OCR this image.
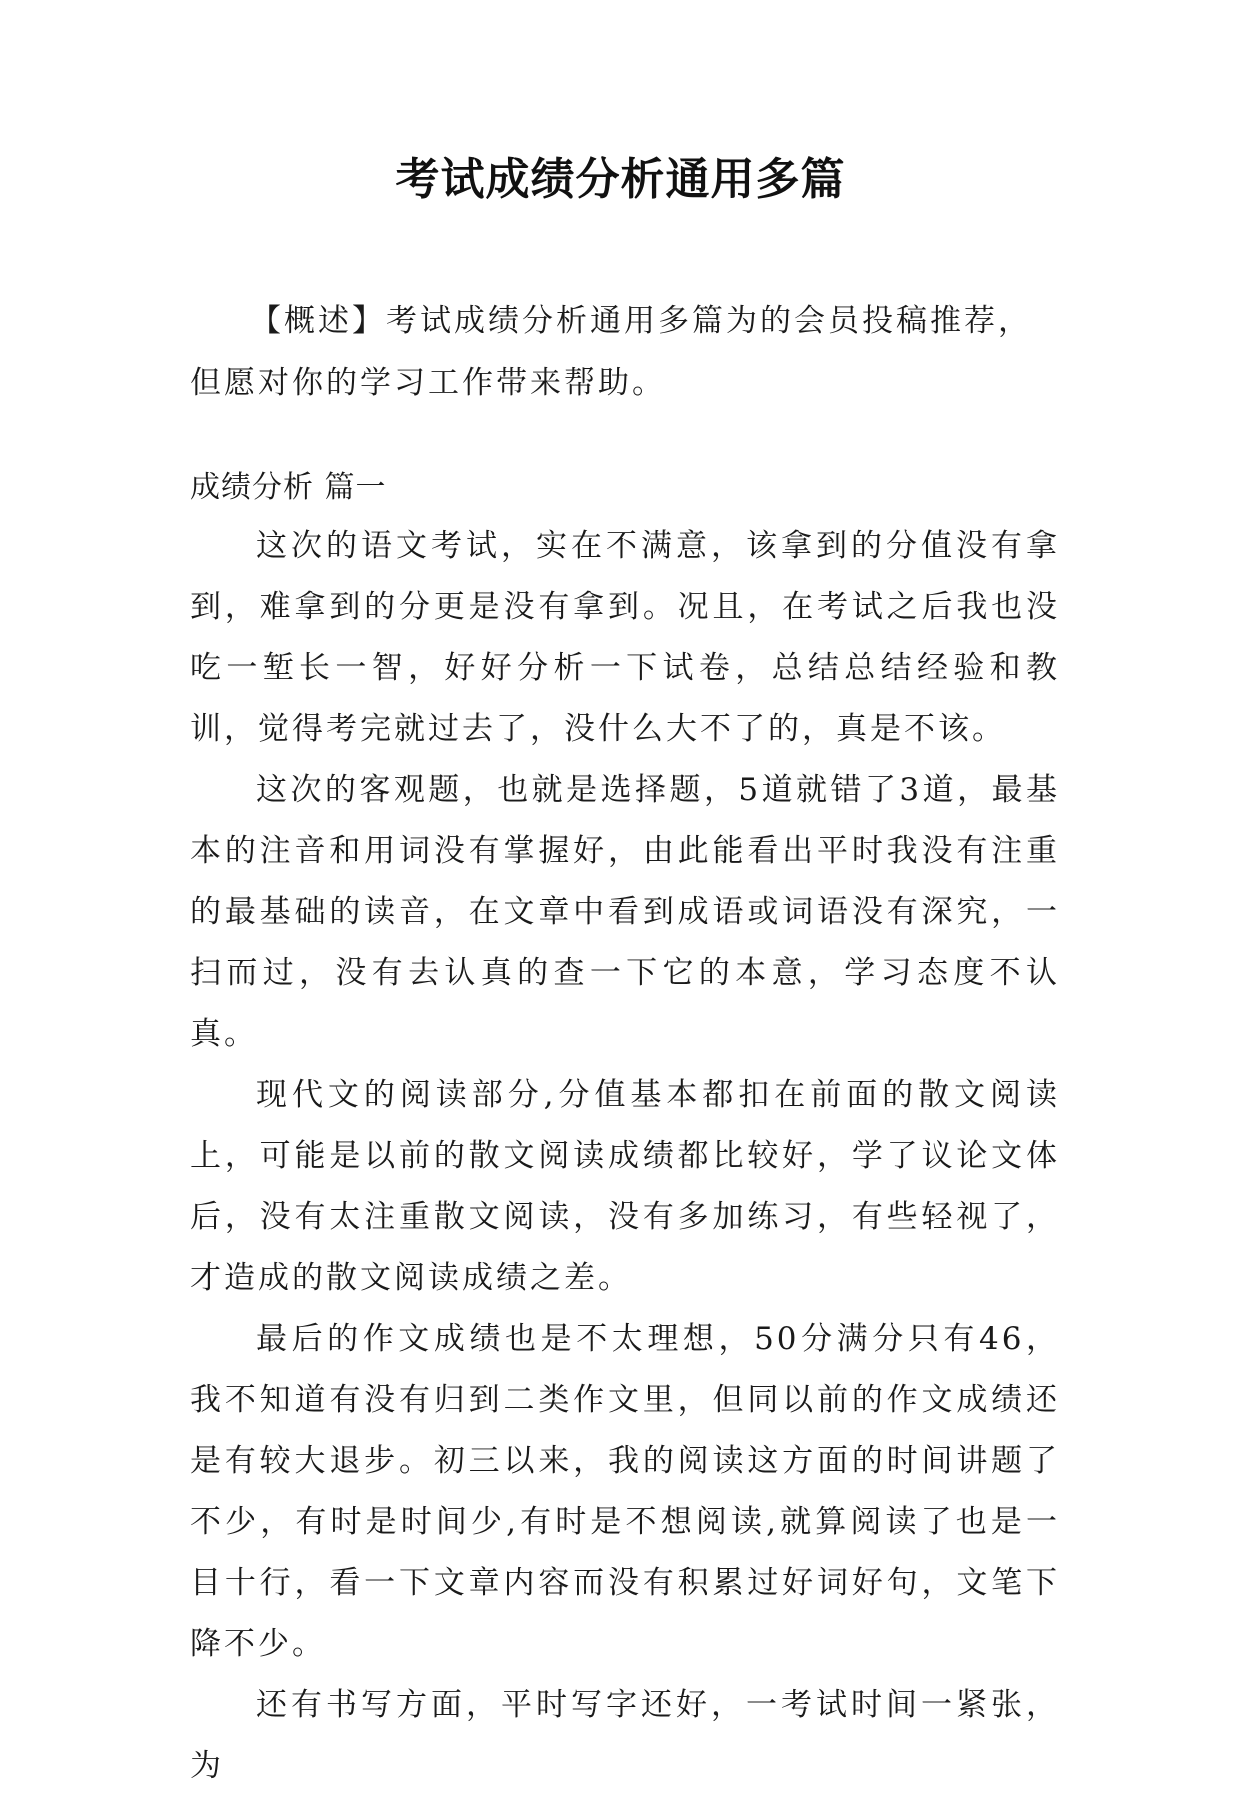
考试成绩分析通用多篇

【概述】考试成绩分析通用多篇为的会员投稿推荐，但愿对你的学习工作带来帮助。

成绩分析 篇一

这次的语文考试，实在不满意，该拿到的分值没有拿到，难拿到的分更是没有拿到。况且，在考试之后我也没吃一堑长一智，好好分析一下试卷，总结总结经验和教训，觉得考完就过去了，没什么大不了的，真是不该。

这次的客观题，也就是选择题，5道就错了3道，最基本的注音和用词没有掌握好，由此能看出平时我没有注重的最基础的读音，在文章中看到成语或词语没有深究，一扫而过，没有去认真的查一下它的本意，学习态度不认真。

现代文的阅读部分,分值基本都扣在前面的散文阅读上，可能是以前的散文阅读成绩都比较好，学了议论文体后，没有太注重散文阅读，没有多加练习，有些轻视了，才造成的散文阅读成绩之差。

最后的作文成绩也是不太理想，50分满分只有46，我不知道有没有归到二类作文里，但同以前的作文成绩还是有较大退步。初三以来，我的阅读这方面的时间讲题了不少，有时是时间少,有时是不想阅读,就算阅读了也是一目十行，看一下文章内容而没有积累过好词好句，文笔下降不少。

还有书写方面，平时写字还好，一考试时间一紧张，为
